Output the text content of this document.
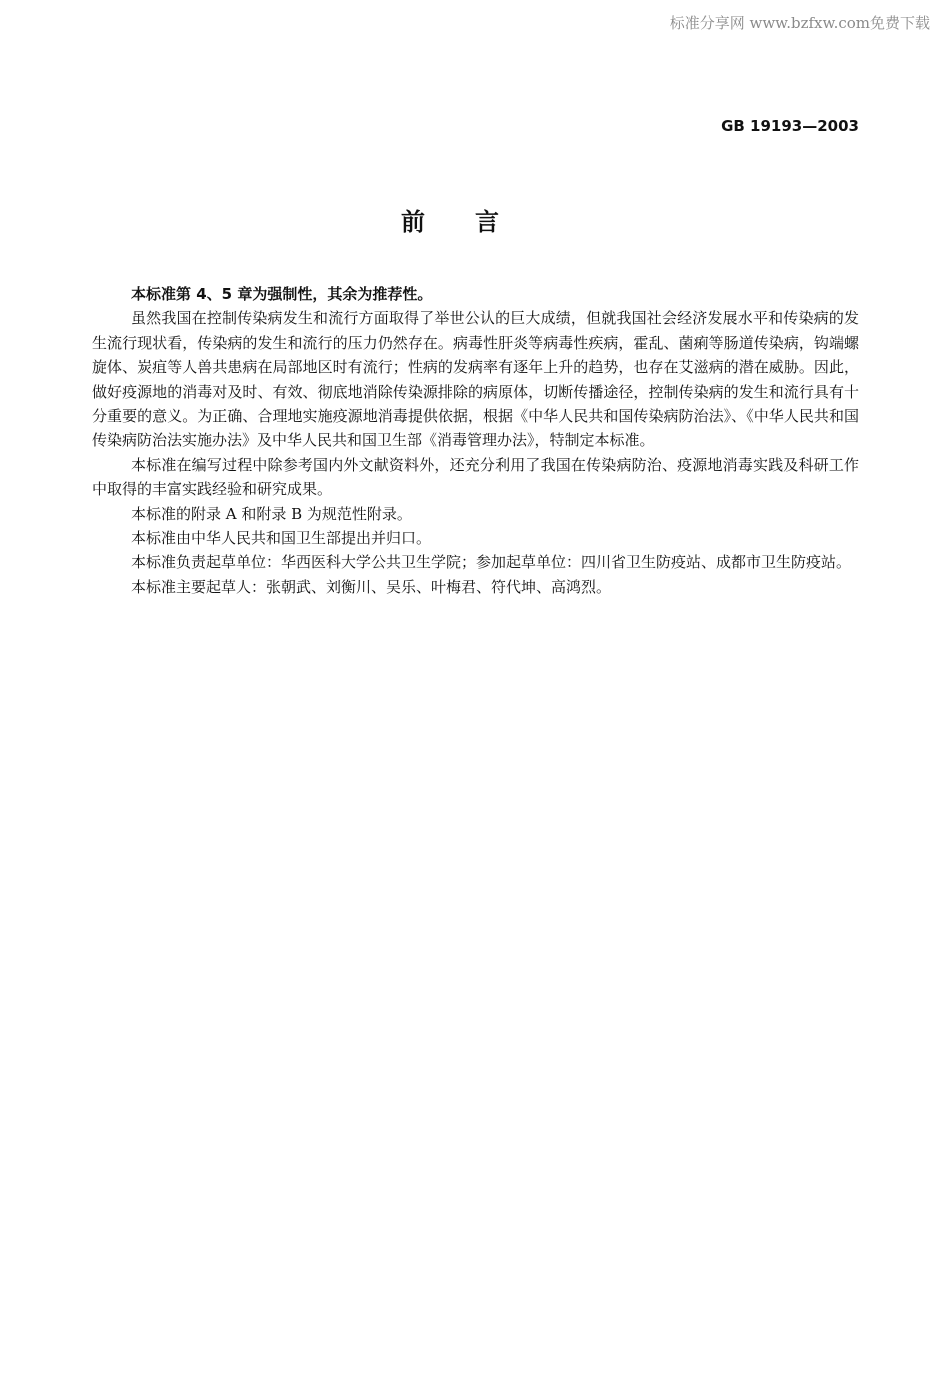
标准分享网 www.bzfxw.com免费下载
GB 19193—2003
前言

本标准第 4、5 章为强制性，其余为推荐性。

虽然我国在控制传染病发生和流行方面取得了举世公认的巨大成绩，但就我国社会经济发展水平和传染病的发生流行现状看，传染病的发生和流行的压力仍然存在。病毒性肝炎等病毒性疾病，霍乱、菌痢等肠道传染病，钩端螺旋体、炭疽等人兽共患病在局部地区时有流行；性病的发病率有逐年上升的趋势，也存在艾滋病的潜在威胁。因此，做好疫源地的消毒对及时、有效、彻底地消除传染源排除的病原体，切断传播途径，控制传染病的发生和流行具有十分重要的意义。为正确、合理地实施疫源地消毒提供依据，根据《中华人民共和国传染病防治法》、《中华人民共和国传染病防治法实施办法》及中华人民共和国卫生部《消毒管理办法》，特制定本标准。

本标准在编写过程中除参考国内外文献资料外，还充分利用了我国在传染病防治、疫源地消毒实践及科研工作中取得的丰富实践经验和研究成果。

本标准的附录 A 和附录 B 为规范性附录。

本标准由中华人民共和国卫生部提出并归口。

本标准负责起草单位：华西医科大学公共卫生学院；参加起草单位：四川省卫生防疫站、成都市卫生防疫站。

本标准主要起草人：张朝武、刘衡川、吴乐、叶梅君、符代坤、高鸿烈。
